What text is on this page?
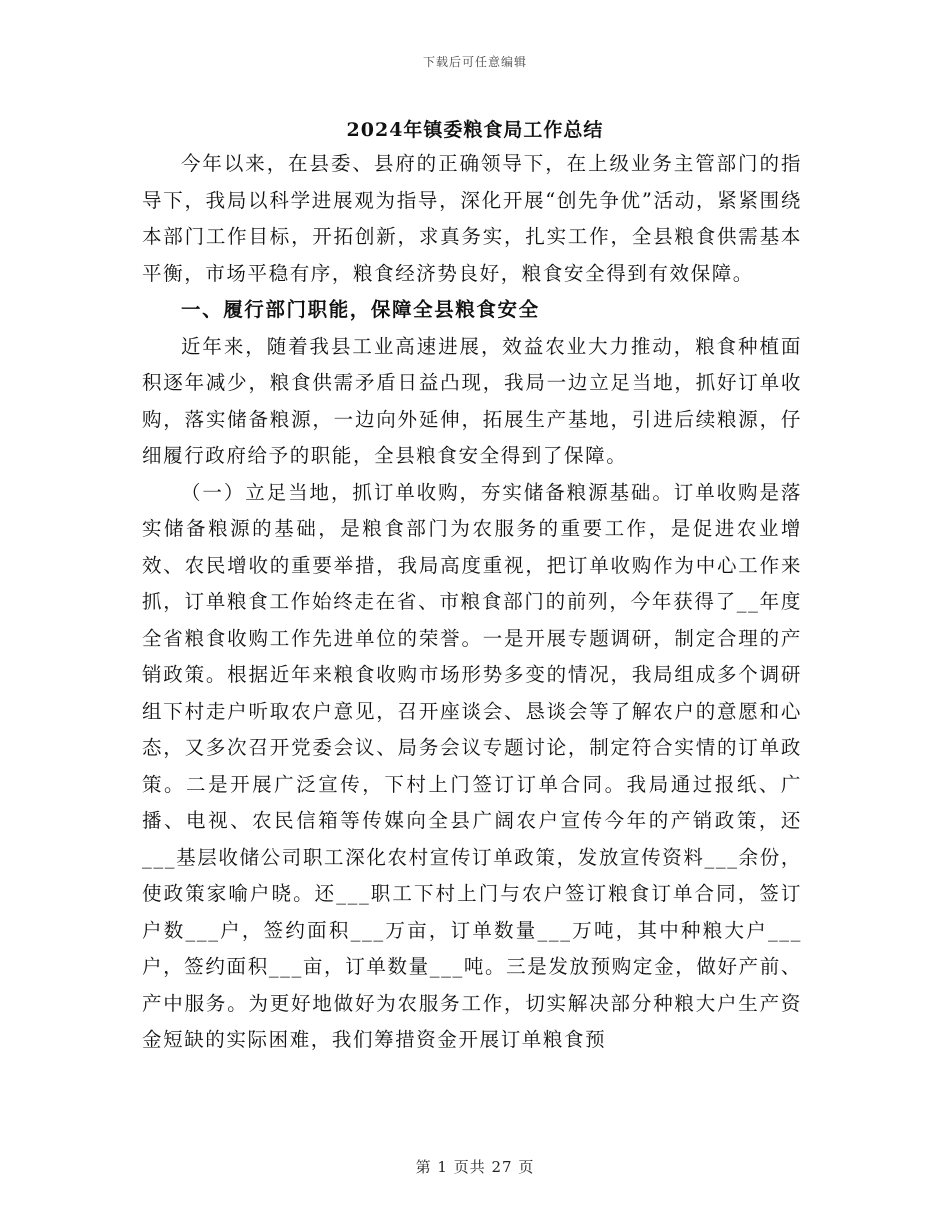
下载后可任意编辑
2024年镇委粮食局工作总结

今年以来，在县委、县府的正确领导下，在上级业务主管部门的指导下，我局以科学进展观为指导，深化开展“创先争优”活动，紧紧围绕本部门工作目标，开拓创新，求真务实，扎实工作，全县粮食供需基本平衡，市场平稳有序，粮食经济势良好，粮食安全得到有效保障。

一、履行部门职能，保障全县粮食安全

近年来，随着我县工业高速进展，效益农业大力推动，粮食种植面积逐年减少，粮食供需矛盾日益凸现，我局一边立足当地，抓好订单收购，落实储备粮源，一边向外延伸，拓展生产基地，引进后续粮源，仔细履行政府给予的职能，全县粮食安全得到了保障。

（一）立足当地，抓订单收购，夯实储备粮源基础。订单收购是落实储备粮源的基础，是粮食部门为农服务的重要工作，是促进农业增效、农民增收的重要举措，我局高度重视，把订单收购作为中心工作来抓，订单粮食工作始终走在省、市粮食部门的前列，今年获得了__年度全省粮食收购工作先进单位的荣誉。一是开展专题调研，制定合理的产销政策。根据近年来粮食收购市场形势多变的情况，我局组成多个调研组下村走户听取农户意见，召开座谈会、恳谈会等了解农户的意愿和心态，又多次召开党委会议、局务会议专题讨论，制定符合实情的订单政策。二是开展广泛宣传，下村上门签订订单合同。我局通过报纸、广播、电视、农民信箱等传媒向全县广阔农户宣传今年的产销政策，还___基层收储公司职工深化农村宣传订单政策，发放宣传资料___余份，使政策家喻户晓。还___职工下村上门与农户签订粮食订单合同，签订户数___户，签约面积___万亩，订单数量___万吨，其中种粮大户___户，签约面积___亩，订单数量___吨。三是发放预购定金，做好产前、产中服务。为更好地做好为农服务工作，切实解决部分种粮大户生产资金短缺的实际困难，我们筹措资金开展订单粮食预

第 1 页共 27 页
